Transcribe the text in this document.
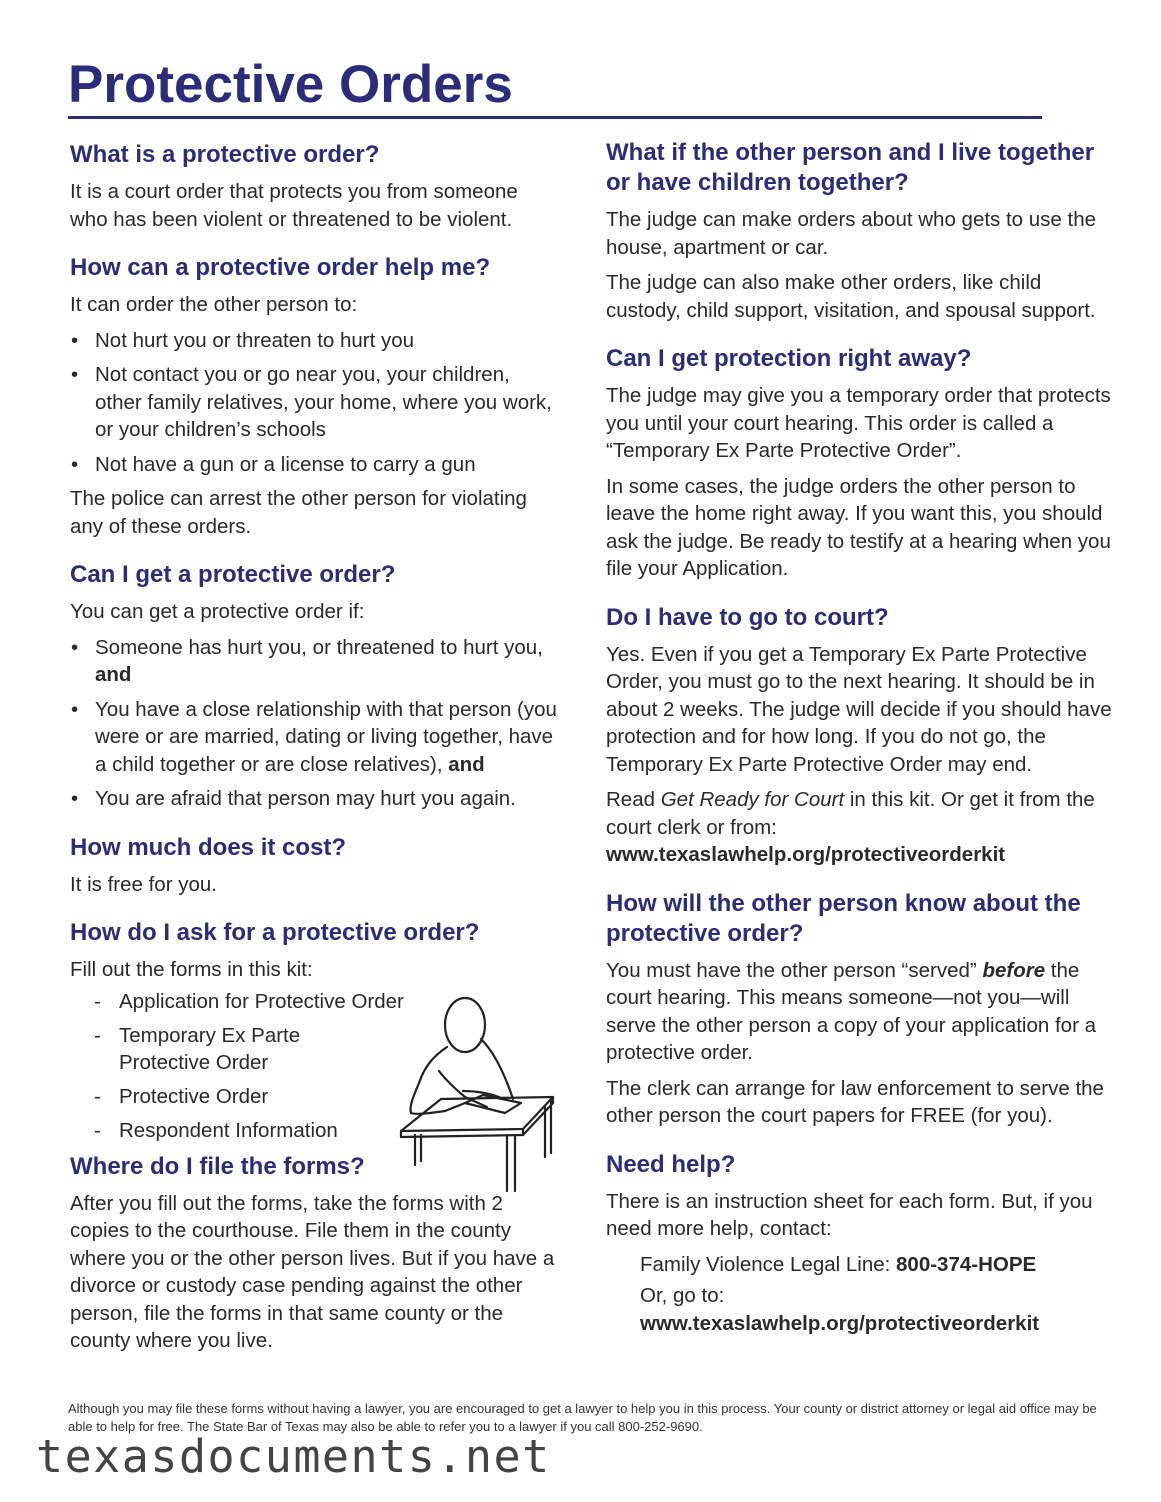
Protective Orders
What is a protective order?

It is a court order that protects you from someone who has been violent or threatened to be violent.

How can a protective order help me?

It can order the other person to:

• Not hurt you or threaten to hurt you
• Not contact you or go near you, your children, other family relatives, your home, where you work, or your children’s schools
• Not have a gun or a license to carry a gun

The police can arrest the other person for violating any of these orders.

Can I get a protective order?

You can get a protective order if:

• Someone has hurt you, or threatened to hurt you, and
• You have a close relationship with that person (you were or are married, dating or living together, have a child together or are close relatives), and
• You are afraid that person may hurt you again.
How much does it cost?

It is free for you.

How do I ask for a protective order?

Fill out the forms in this kit:

- Application for Protective Order
- Temporary Ex Parte Protective Order
- Protective Order
- Respondent Information
Where do I file the forms?

After you fill out the forms, take the forms with 2 copies to the courthouse. File them in the county where you or the other person lives. But if you have a divorce or custody case pending against the other person, file the forms in that same county or the county where you live.

What if the other person and I live together or have children together?

The judge can make orders about who gets to use the house, apartment or car.

The judge can also make other orders, like child custody, child support, visitation, and spousal support.

Can I get protection right away?

The judge may give you a temporary order that protects you until your court hearing. This order is called a “Temporary Ex Parte Protective Order”.

In some cases, the judge orders the other person to leave the home right away. If you want this, you should ask the judge. Be ready to testify at a hearing when you file your Application.

Do I have to go to court?

Yes. Even if you get a Temporary Ex Parte Protective Order, you must go to the next hearing. It should be in about 2 weeks. The judge will decide if you should have protection and for how long. If you do not go, the Temporary Ex Parte Protective Order may end.

Read Get Ready for Court in this kit. Or get it from the court clerk or from:
www.texaslawhelp.org/protectiveorderkit

How will the other person know about the protective order?

You must have the other person “served” before the court hearing. This means someone—not you—will serve the other person a copy of your application for a protective order.

The clerk can arrange for law enforcement to serve the other person the court papers for FREE (for you).

Need help?

There is an instruction sheet for each form. But, if you need more help, contact:

Family Violence Legal Line: 800-374-HOPE

Or, go to:
www.texaslawhelp.org/protectiveorderkit

Although you may file these forms without having a lawyer, you are encouraged to get a lawyer to help you in this process. Your county or district attorney or legal aid office may be able to help for free. The State Bar of Texas may also be able to refer you to a lawyer if you call 800-252-9690.
texasdocuments.net
